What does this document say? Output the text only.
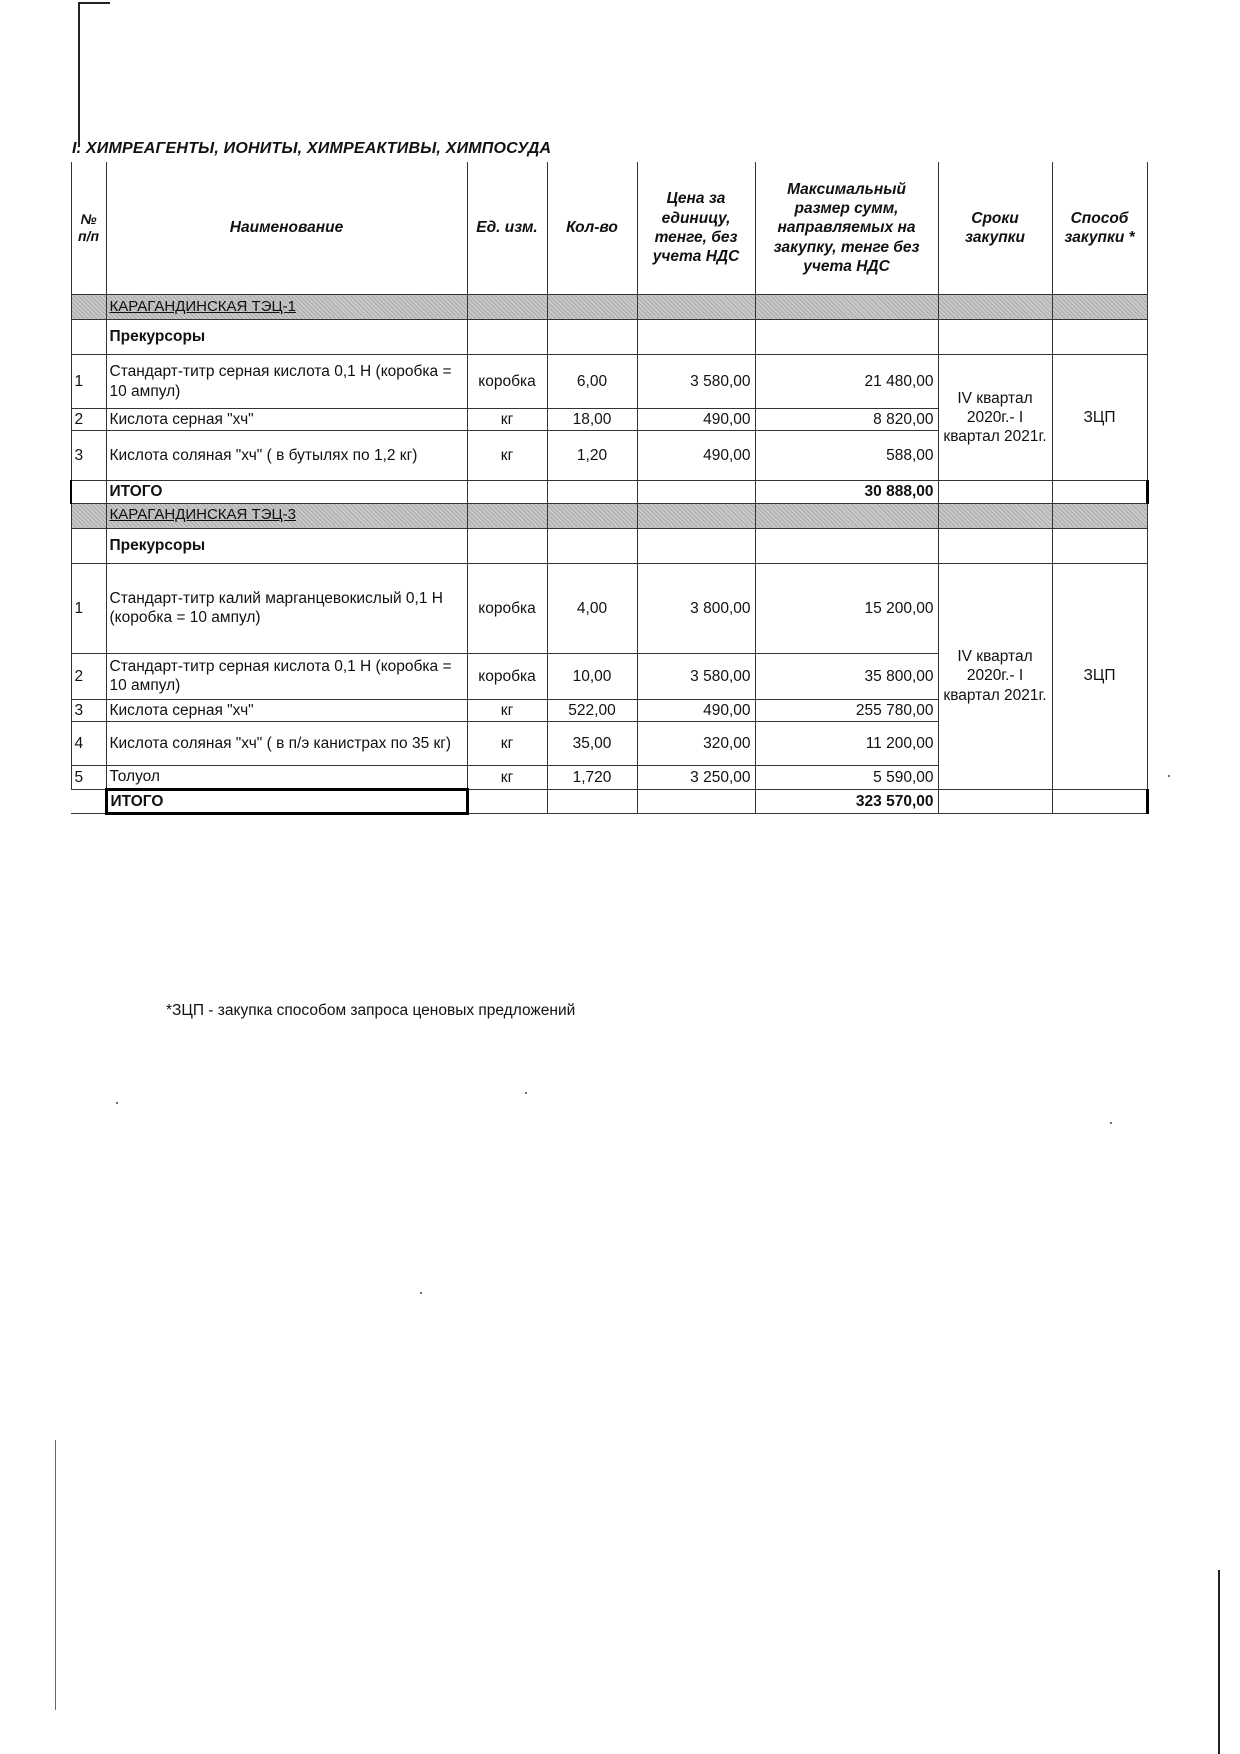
I. ХИМРЕАГЕНТЫ, ИОНИТЫ, ХИМРЕАКТИВЫ, ХИМПОСУДА
№ п/п	Наименование	Ед. изм.	Кол-во	Цена за единицу, тенге, без учета НДС	Максимальный размер сумм, направляемых на закупку, тенге без учета НДС	Сроки закупки	Способ закупки *
	КАРАГАНДИНСКАЯ ТЭЦ-1						
	Прекурсоры						
1	Стандарт-титр серная кислота 0,1 Н (коробка = 10 ампул)	коробка	6,00	3 580,00	21 480,00	IV квартал 2020г.- I квартал 2021г.	ЗЦП
2	Кислота серная "хч"	кг	18,00	490,00	8 820,00		
3	Кислота соляная "хч" ( в бутылях по 1,2 кг)	кг	1,20	490,00	588,00		
	ИТОГО				30 888,00		
	КАРАГАНДИНСКАЯ ТЭЦ-3						
	Прекурсоры						
1	Стандарт-титр калий марганцевокислый 0,1 Н (коробка = 10 ампул)	коробка	4,00	3 800,00	15 200,00	IV квартал 2020г.- I квартал 2021г.	ЗЦП
2	Стандарт-титр серная кислота 0,1 Н (коробка = 10 ампул)	коробка	10,00	3 580,00	35 800,00		
3	Кислота серная "хч"	кг	522,00	490,00	255 780,00		
4	Кислота соляная "хч" ( в п/э канистрах по 35 кг)	кг	35,00	320,00	11 200,00		
5	Толуол	кг	1,720	3 250,00	5 590,00		
	ИТОГО				323 570,00		
*ЗЦП - закупка способом запроса ценовых предложений
